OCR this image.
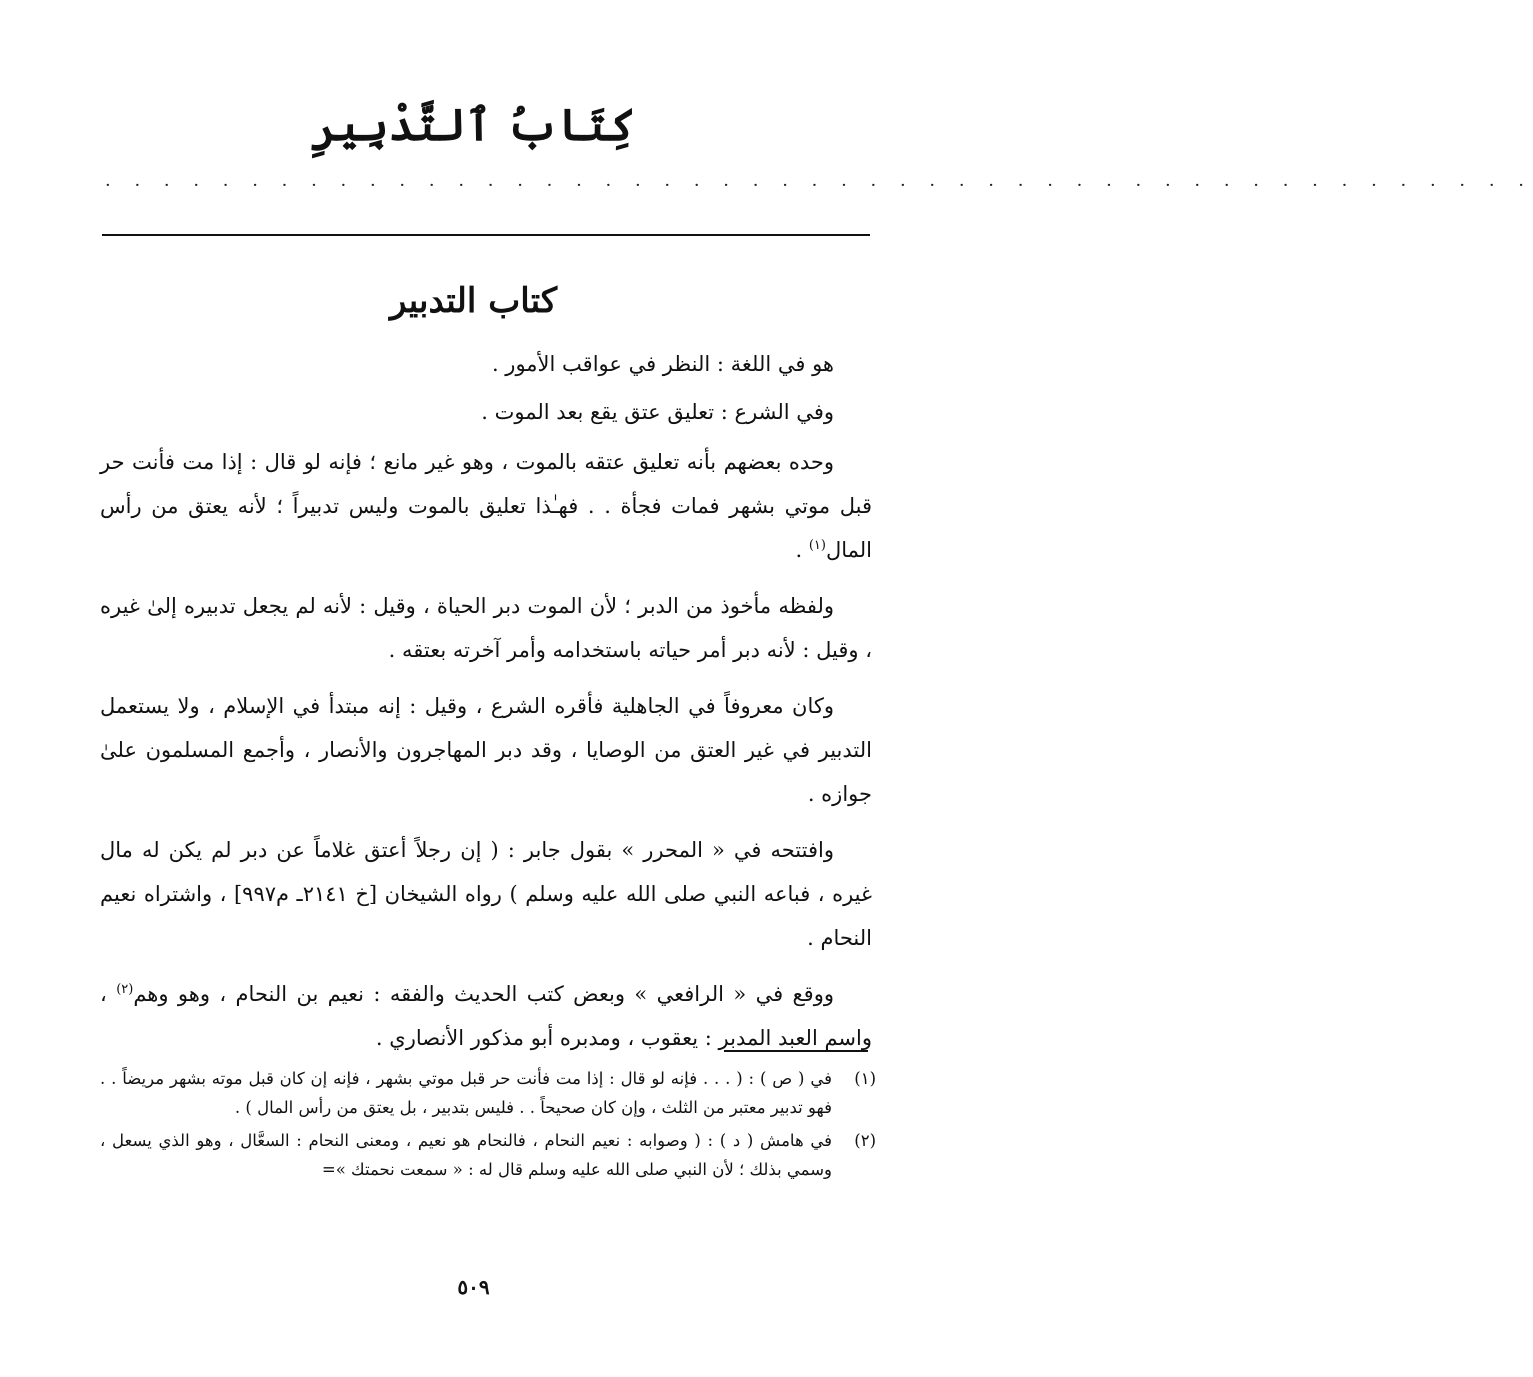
كِتَابُ ٱلتَّدْبِيرِ
· · · · · · · · · · · · · · · · · · · · · · · · · · · · · · · · · · · · · · · · · · · · · · · · ·
كتاب التدبير

هو في اللغة : النظر في عواقب الأمور .

وفي الشرع : تعليق عتق يقع بعد الموت .

وحده بعضهم بأنه تعليق عتقه بالموت ، وهو غير مانع ؛ فإنه لو قال : إذا مت فأنت حر قبل موتي بشهر فمات فجأة . . فهـٰذا تعليق بالموت وليس تدبيراً ؛ لأنه يعتق من رأس المال$^{(١)}$ .

ولفظه مأخوذ من الدبر ؛ لأن الموت دبر الحياة ، وقيل : لأنه لم يجعل تدبيره إلىٰ غيره ، وقيل : لأنه دبر أمر حياته باستخدامه وأمر آخرته بعتقه .

وكان معروفاً في الجاهلية فأقره الشرع ، وقيل : إنه مبتدأ في الإسلام ، ولا يستعمل التدبير في غير العتق من الوصايا ، وقد دبر المهاجرون والأنصار ، وأجمع المسلمون علىٰ جوازه .

وافتتحه في « المحرر » بقول جابر : ( إن رجلاً أعتق غلاماً عن دبر لم يكن له مال غيره ، فباعه النبي صلى الله عليه وسلم ) رواه الشيخان [خ ٢١٤١ـ م٩٩٧] ، واشتراه نعيم النحام .

ووقع في « الرافعي » وبعض كتب الحديث والفقه : نعيم بن النحام ، وهو وهم$^{(٢)}$ ، واسم العبد المدبر : يعقوب ، ومدبره أبو مذكور الأنصاري .

(١)
في ( ص ) : ( . . . فإنه لو قال : إذا مت فأنت حر قبل موتي بشهر ، فإنه إن كان قبل موته بشهر مريضاً . . فهو تدبير معتبر من الثلث ، وإن كان صحيحاً . . فليس بتدبير ، بل يعتق من رأس المال ) .
(٢)
في هامش ( د ) : ( وصوابه : نعيم النحام ، فالنحام هو نعيم ، ومعنى النحام : السعَّال ، وهو الذي يسعل ، وسمي بذلك ؛ لأن النبي صلى الله عليه وسلم قال له : « سمعت نحمتك »=
٥٠٩
